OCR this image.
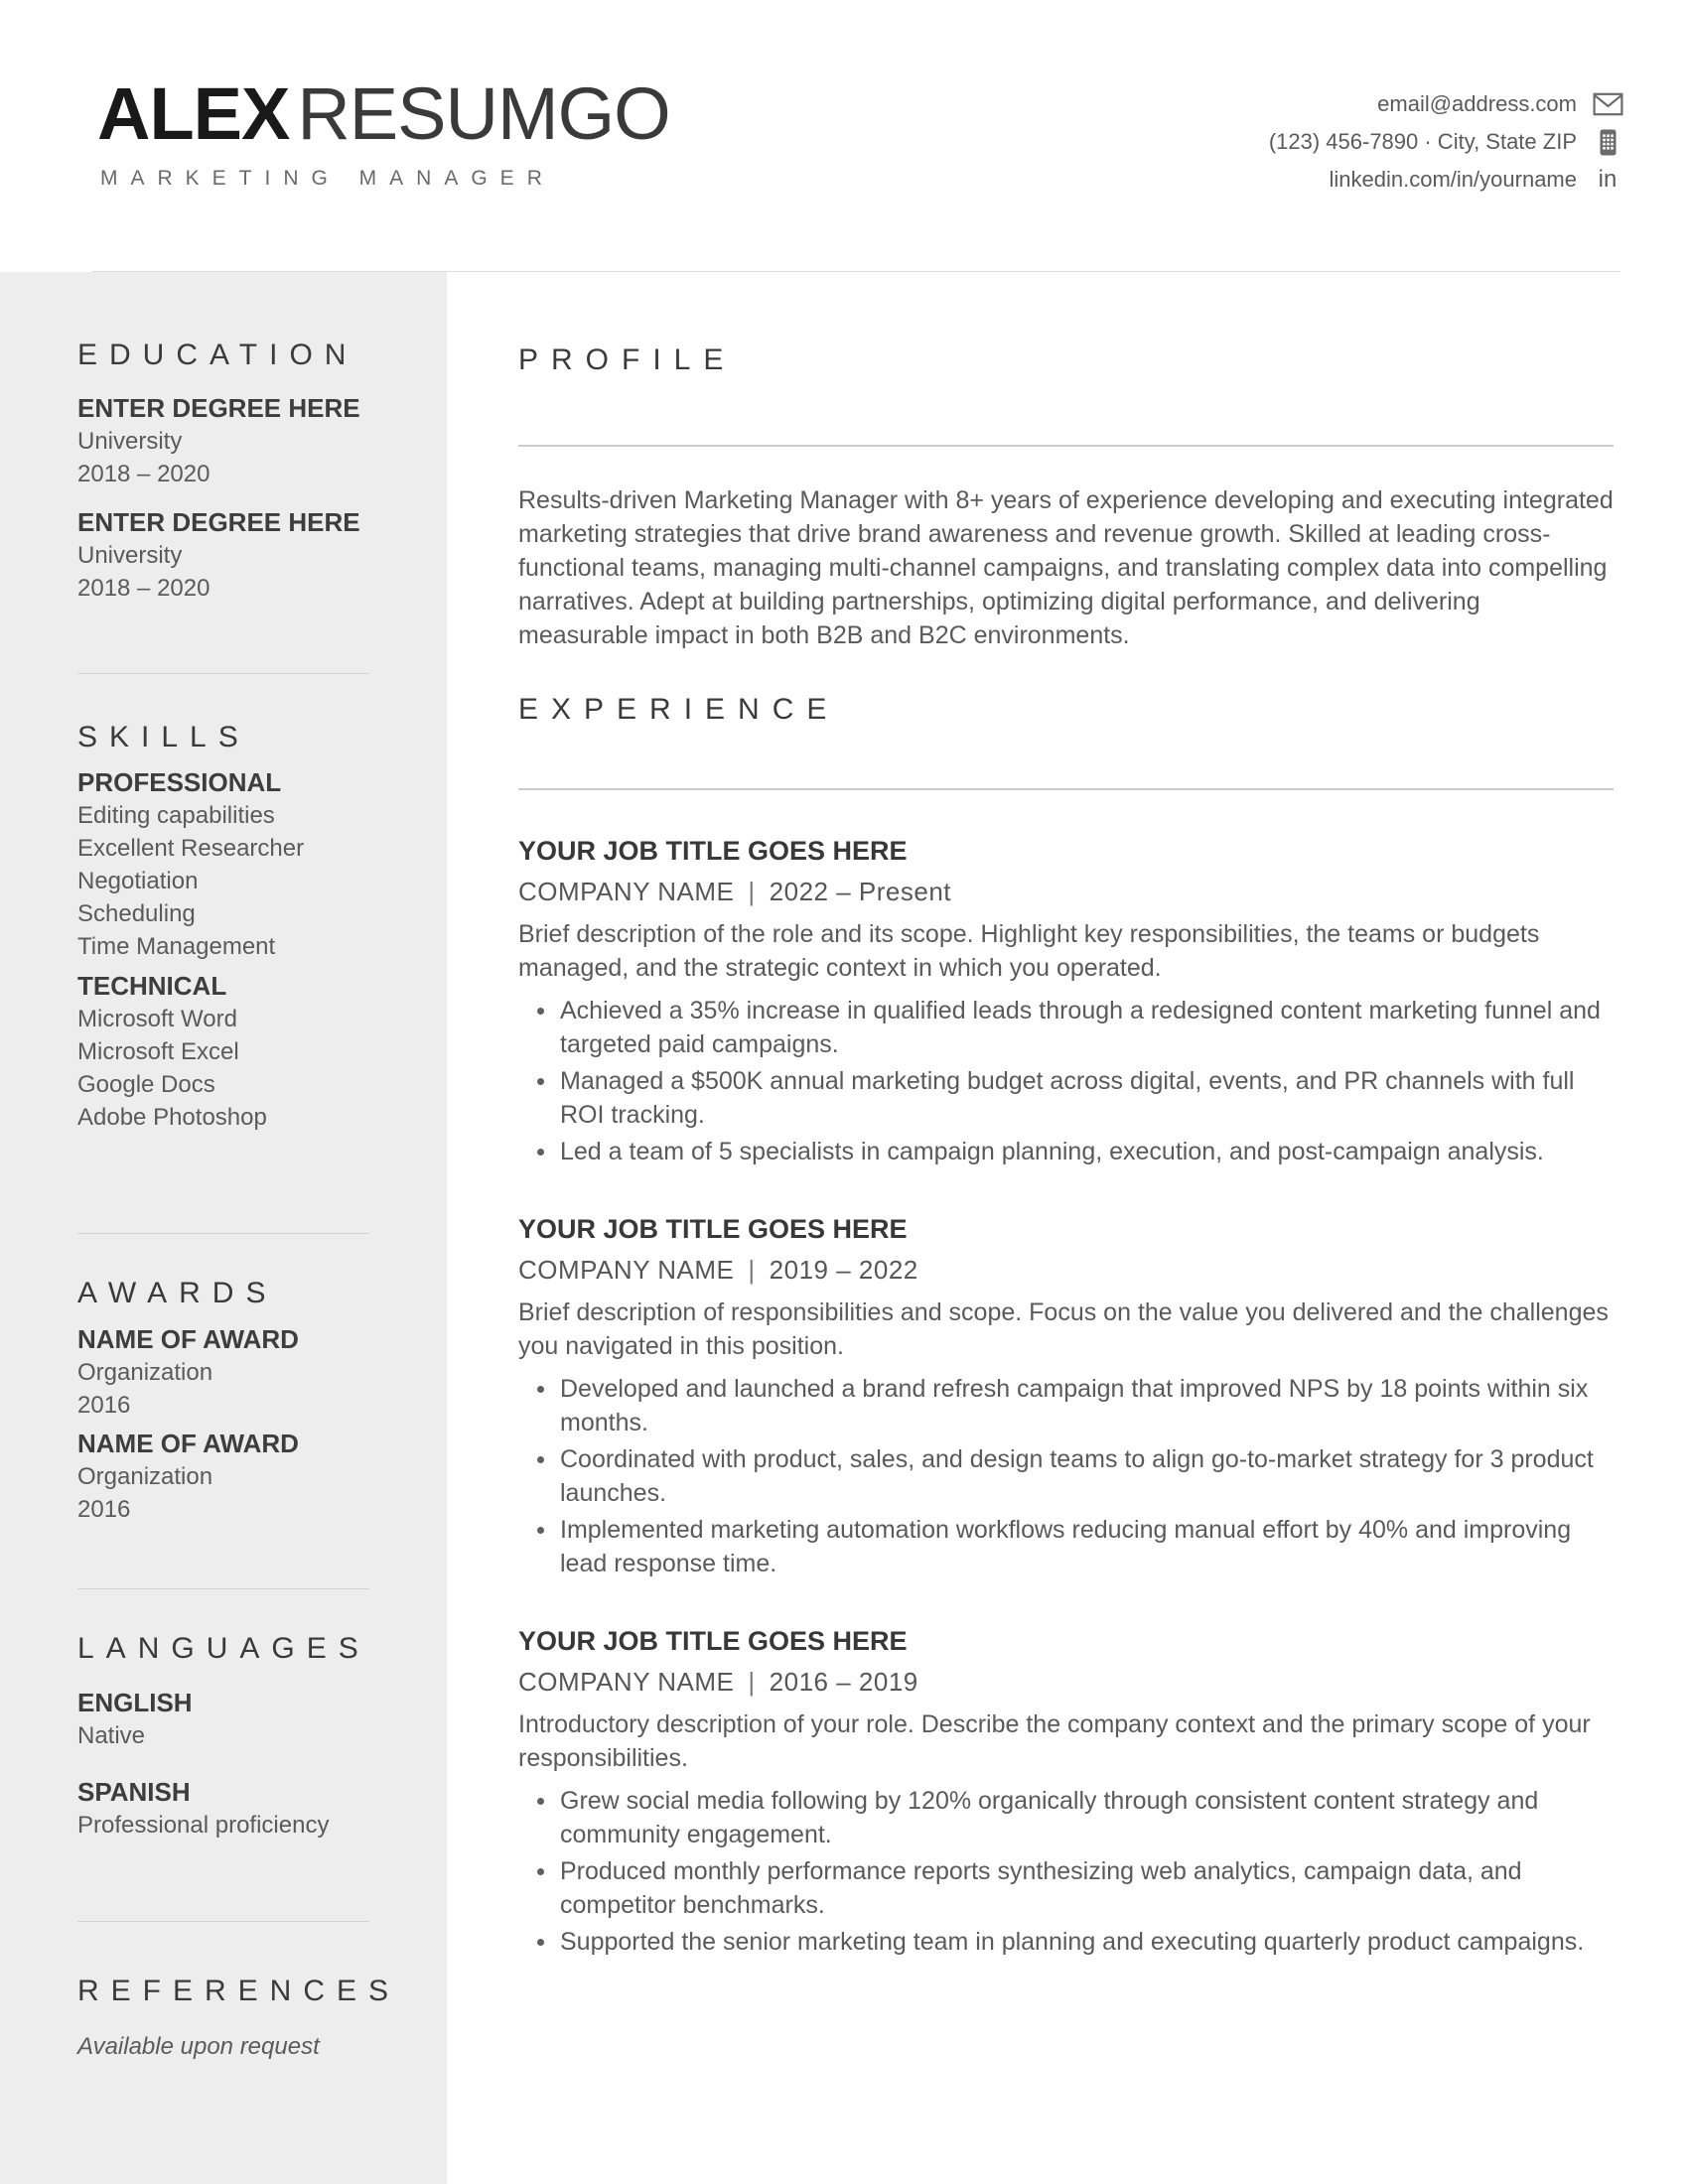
ALEX RESUMGO
MARKETING MANAGER
email@address.com
(123) 456-7890 · City, State ZIP
linkedin.com/in/yourname in
EDUCATION
ENTER DEGREE HERE
University
2018 – 2020
ENTER DEGREE HERE
University
2018 – 2020
SKILLS
PROFESSIONAL
Editing capabilities
Excellent Researcher
Negotiation
Scheduling
Time Management
TECHNICAL
Microsoft Word
Microsoft Excel
Google Docs
Adobe Photoshop
AWARDS
NAME OF AWARD
Organization
2016
NAME OF AWARD
Organization
2016
LANGUAGES
ENGLISH
Native
SPANISH
Professional proficiency
REFERENCES
Available upon request
PROFILE

Results-driven Marketing Manager with 8+ years of experience developing and executing integrated marketing strategies that drive brand awareness and revenue growth. Skilled at leading cross-functional teams, managing multi-channel campaigns, and translating complex data into compelling narratives. Adept at building partnerships, optimizing digital performance, and delivering measurable impact in both B2B and B2C environments.

EXPERIENCE
YOUR JOB TITLE GOES HERE
COMPANY NAME | 2022 – Present

Brief description of the role and its scope. Highlight key responsibilities, the teams or budgets managed, and the strategic context in which you operated.

Achieved a 35% increase in qualified leads through a redesigned content marketing funnel and targeted paid campaigns.
Managed a $500K annual marketing budget across digital, events, and PR channels with full ROI tracking.
Led a team of 5 specialists in campaign planning, execution, and post-campaign analysis.
YOUR JOB TITLE GOES HERE
COMPANY NAME | 2019 – 2022

Brief description of responsibilities and scope. Focus on the value you delivered and the challenges you navigated in this position.

Developed and launched a brand refresh campaign that improved NPS by 18 points within six months.
Coordinated with product, sales, and design teams to align go-to-market strategy for 3 product launches.
Implemented marketing automation workflows reducing manual effort by 40% and improving lead response time.
YOUR JOB TITLE GOES HERE
COMPANY NAME | 2016 – 2019

Introductory description of your role. Describe the company context and the primary scope of your responsibilities.

Grew social media following by 120% organically through consistent content strategy and community engagement.
Produced monthly performance reports synthesizing web analytics, campaign data, and competitor benchmarks.
Supported the senior marketing team in planning and executing quarterly product campaigns.
